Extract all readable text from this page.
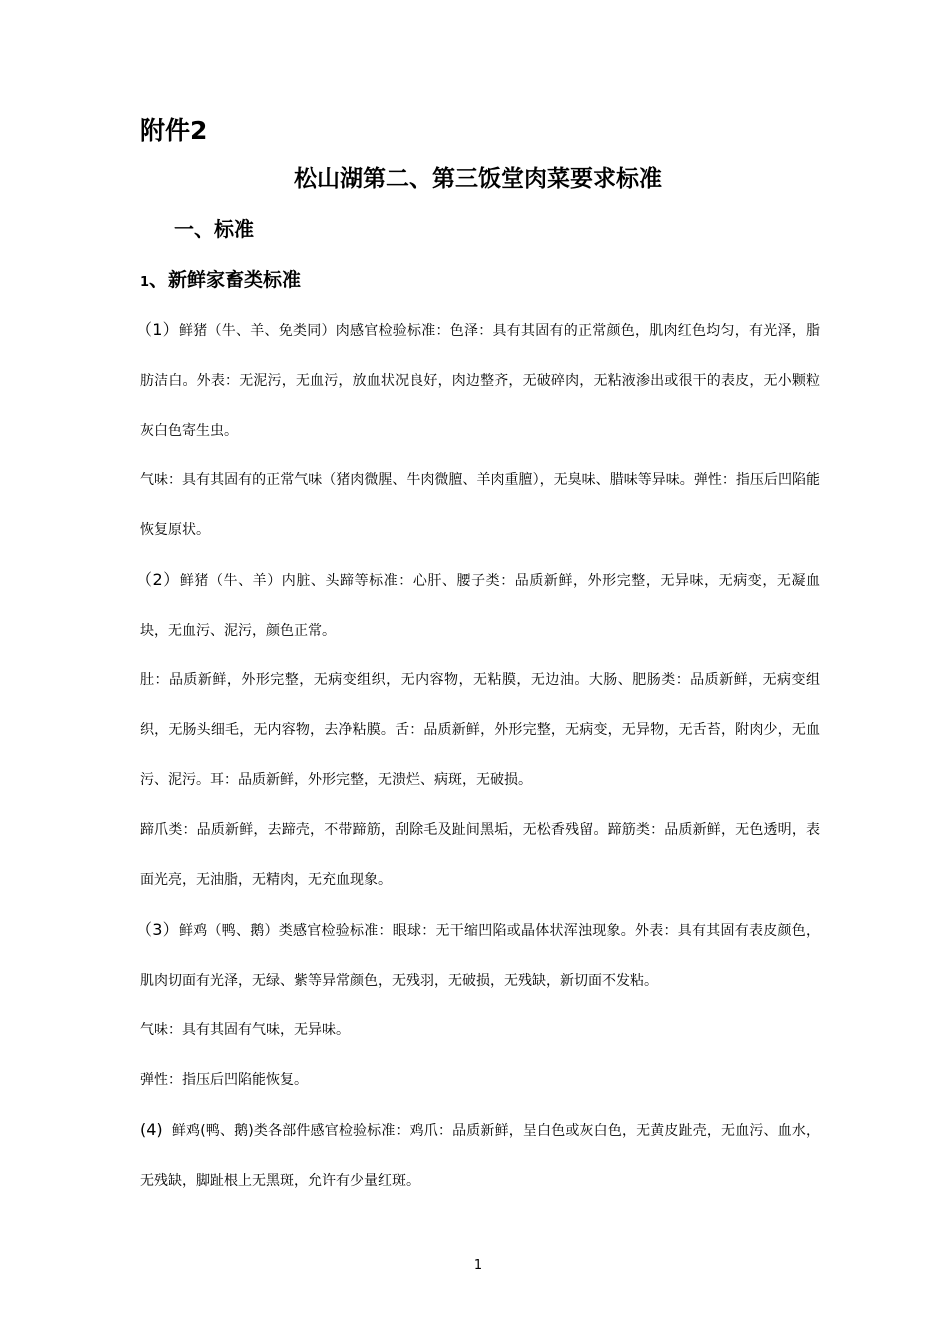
附件2
松山湖第二、第三饭堂肉菜要求标准
一、标准
1、新鲜家畜类标准

（1）鲜猪（牛、羊、免类同）肉感官检验标准：色泽：具有其固有的正常颜色，肌肉红色均匀，有光泽，脂肪洁白。外表：无泥污，无血污，放血状况良好，肉边整齐，无破碎肉，无粘液渗出或很干的表皮，无小颗粒灰白色寄生虫。

气味：具有其固有的正常气味（猪肉微腥、牛肉微膻、羊肉重膻），无臭味、腊味等异味。弹性：指压后凹陷能恢复原状。

（2）鲜猪（牛、羊）内脏、头蹄等标准：心肝、腰子类：品质新鲜，外形完整，无异味，无病变，无凝血块，无血污、泥污，颜色正常。

肚：品质新鲜，外形完整，无病变组织，无内容物，无粘膜，无边油。大肠、肥肠类：品质新鲜，无病变组织，无肠头细毛，无内容物，去净粘膜。舌：品质新鲜，外形完整，无病变，无异物，无舌苔，附肉少，无血污、泥污。耳：品质新鲜，外形完整，无溃烂、病斑，无破损。

蹄爪类：品质新鲜，去蹄壳，不带蹄筋，刮除毛及趾间黑垢，无松香残留。蹄筋类：品质新鲜，无色透明，表面光亮，无油脂，无精肉，无充血现象。

（3）鲜鸡（鸭、鹅）类感官检验标准：眼球：无干缩凹陷或晶体状浑浊现象。外表：具有其固有表皮颜色，肌肉切面有光泽，无绿、紫等异常颜色，无残羽，无破损，无残缺，新切面不发粘。

气味：具有其固有气味，无异味。

弹性：指压后凹陷能恢复。

(4) 鲜鸡(鸭、鹅)类各部件感官检验标准：鸡爪：品质新鲜，呈白色或灰白色，无黄皮趾壳，无血污、血水，无残缺，脚趾根上无黑斑，允许有少量红斑。

1
